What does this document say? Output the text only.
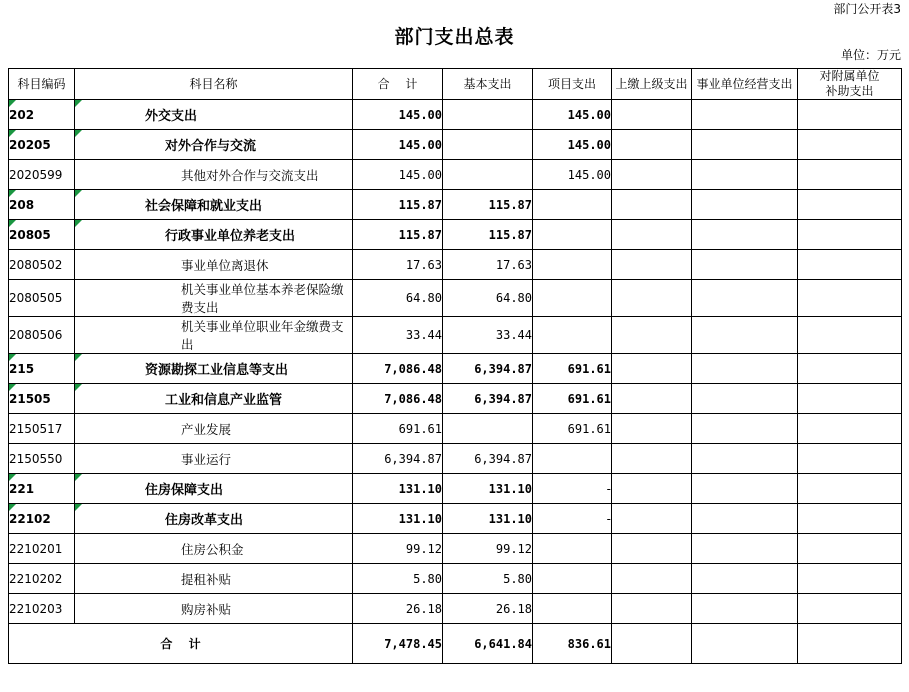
部门公开表3
部门支出总表
单位：万元
科目编码	科目名称	合 计	基本支出	项目支出	上缴上级支出	事业单位经营支出	对附属单位
补助支出

202	外交支出	145.00		145.00			

20205	对外合作与交流	145.00		145.00			
2020599	其他对外合作与交流支出	145.00		145.00			

208	社会保障和就业支出	115.87	115.87				

20805	行政事业单位养老支出	115.87	115.87				
2080502	事业单位离退休	17.63	17.63				
2080505	机关事业单位基本养老保险缴费支出	64.80	64.80				
2080506	机关事业单位职业年金缴费支出	33.44	33.44				

215	资源勘探工业信息等支出	7,086.48	6,394.87	691.61			

21505	工业和信息产业监管	7,086.48	6,394.87	691.61			
2150517	产业发展	691.61		691.61			
2150550	事业运行	6,394.87	6,394.87				

221	住房保障支出	131.10	131.10	-			

22102	住房改革支出	131.10	131.10	-			
2210201	住房公积金	99.12	99.12				
2210202	提租补贴	5.80	5.80				
2210203	购房补贴	26.18	26.18				
合 计		7,478.45	6,641.84	836.61			
